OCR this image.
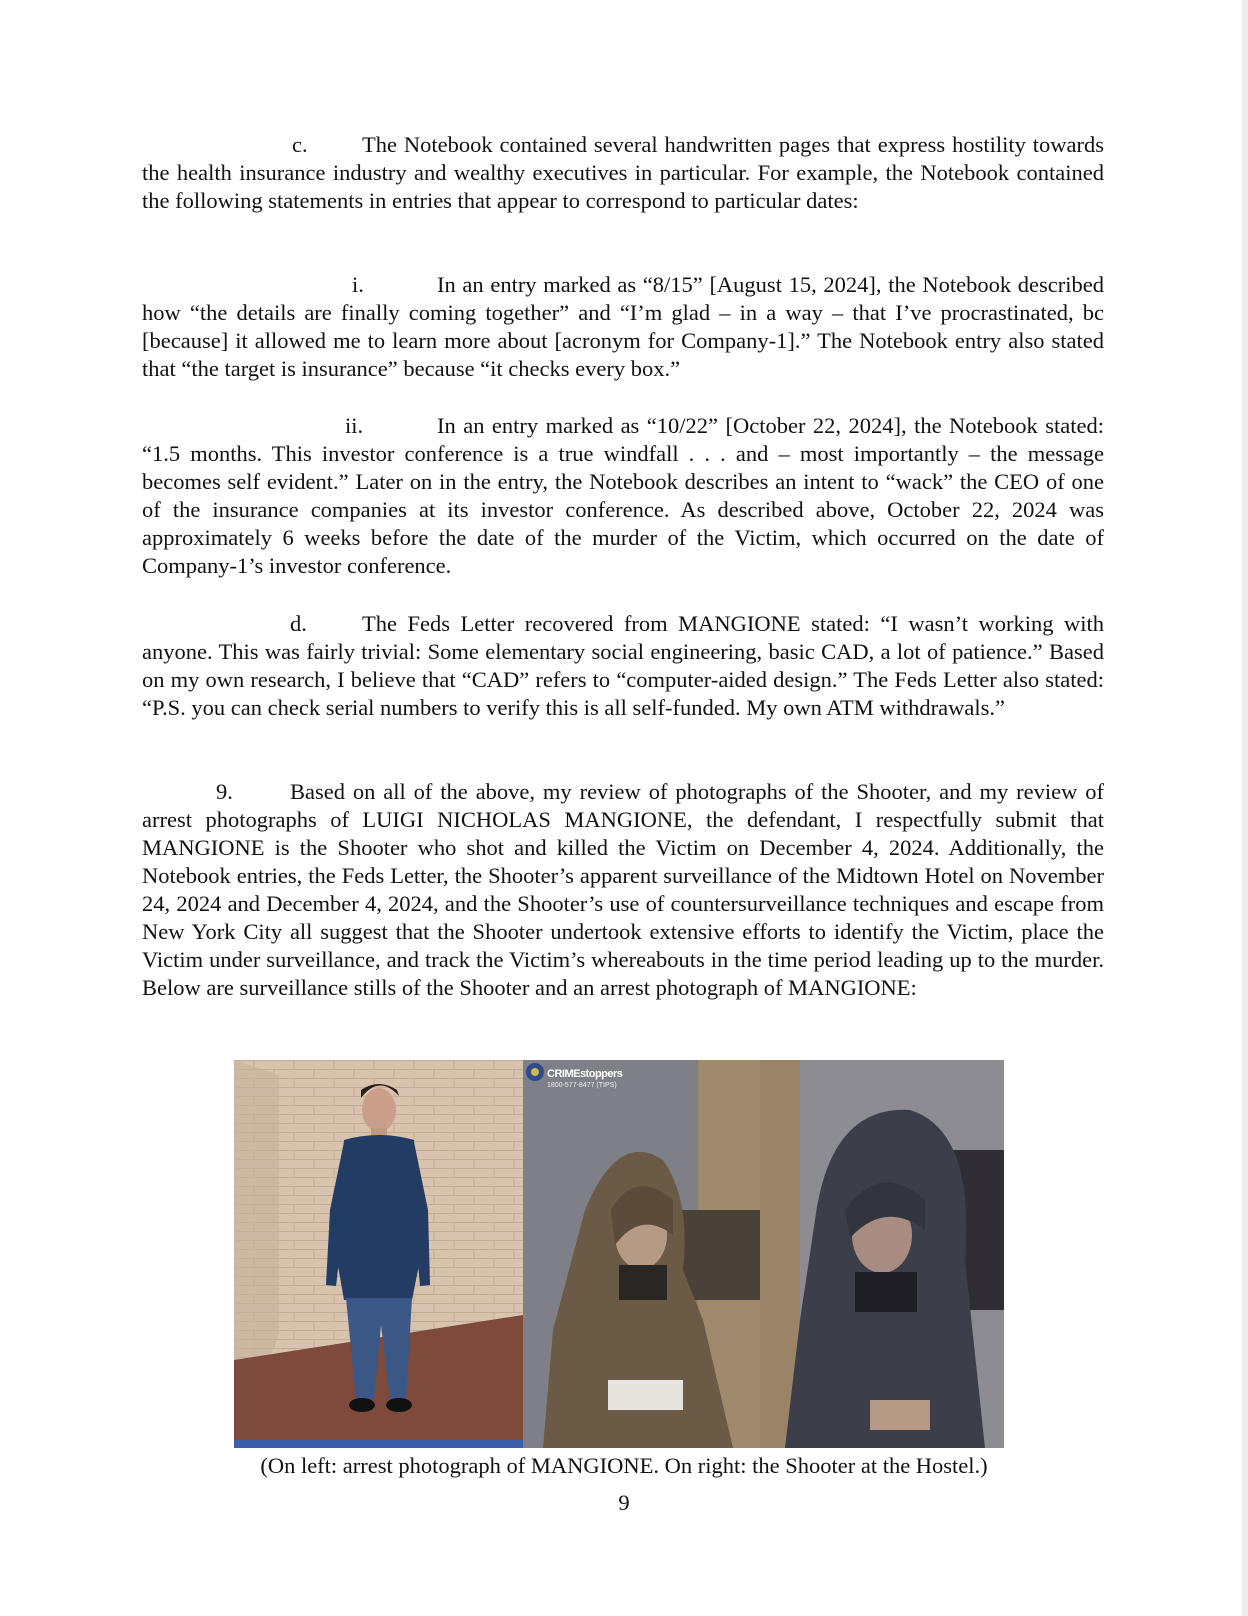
c. The Notebook contained several handwritten pages that express hostility towards the health insurance industry and wealthy executives in particular. For example, the Notebook contained the following statements in entries that appear to correspond to particular dates:

i.	In an entry marked as “8/15” [August 15, 2024], the Notebook described how “the details are finally coming together” and “I’m glad – in a way – that I’ve procrastinated, bc [because] it allowed me to learn more about [acronym for Company-1].” The Notebook entry also stated that “the target is insurance” because “it checks every box.”

ii.	In an entry marked as “10/22” [October 22, 2024], the Notebook stated: “1.5 months. This investor conference is a true windfall . . . and – most importantly – the message becomes self evident.” Later on in the entry, the Notebook describes an intent to “wack” the CEO of one of the insurance companies at its investor conference. As described above, October 22, 2024 was approximately 6 weeks before the date of the murder of the Victim, which occurred on the date of Company-1’s investor conference.

d. The Feds Letter recovered from MANGIONE stated: “I wasn’t working with anyone. This was fairly trivial: Some elementary social engineering, basic CAD, a lot of patience.” Based on my own research, I believe that “CAD” refers to “computer-aided design.” The Feds Letter also stated: “P.S. you can check serial numbers to verify this is all self-funded. My own ATM withdrawals.”

9.	Based on all of the above, my review of photographs of the Shooter, and my review of arrest photographs of LUIGI NICHOLAS MANGIONE, the defendant, I respectfully submit that MANGIONE is the Shooter who shot and killed the Victim on December 4, 2024. Additionally, the Notebook entries, the Feds Letter, the Shooter’s apparent surveillance of the Midtown Hotel on November 24, 2024 and December 4, 2024, and the Shooter’s use of countersurveillance techniques and escape from New York City all suggest that the Shooter undertook extensive efforts to identify the Victim, place the Victim under surveillance, and track the Victim’s whereabouts in the time period leading up to the murder. Below are surveillance stills of the Shooter and an arrest photograph of MANGIONE:

CRIMEstoppers
1800-577-8477 (TIPS)
(On left: arrest photograph of MANGIONE. On right: the Shooter at the Hostel.)
9
